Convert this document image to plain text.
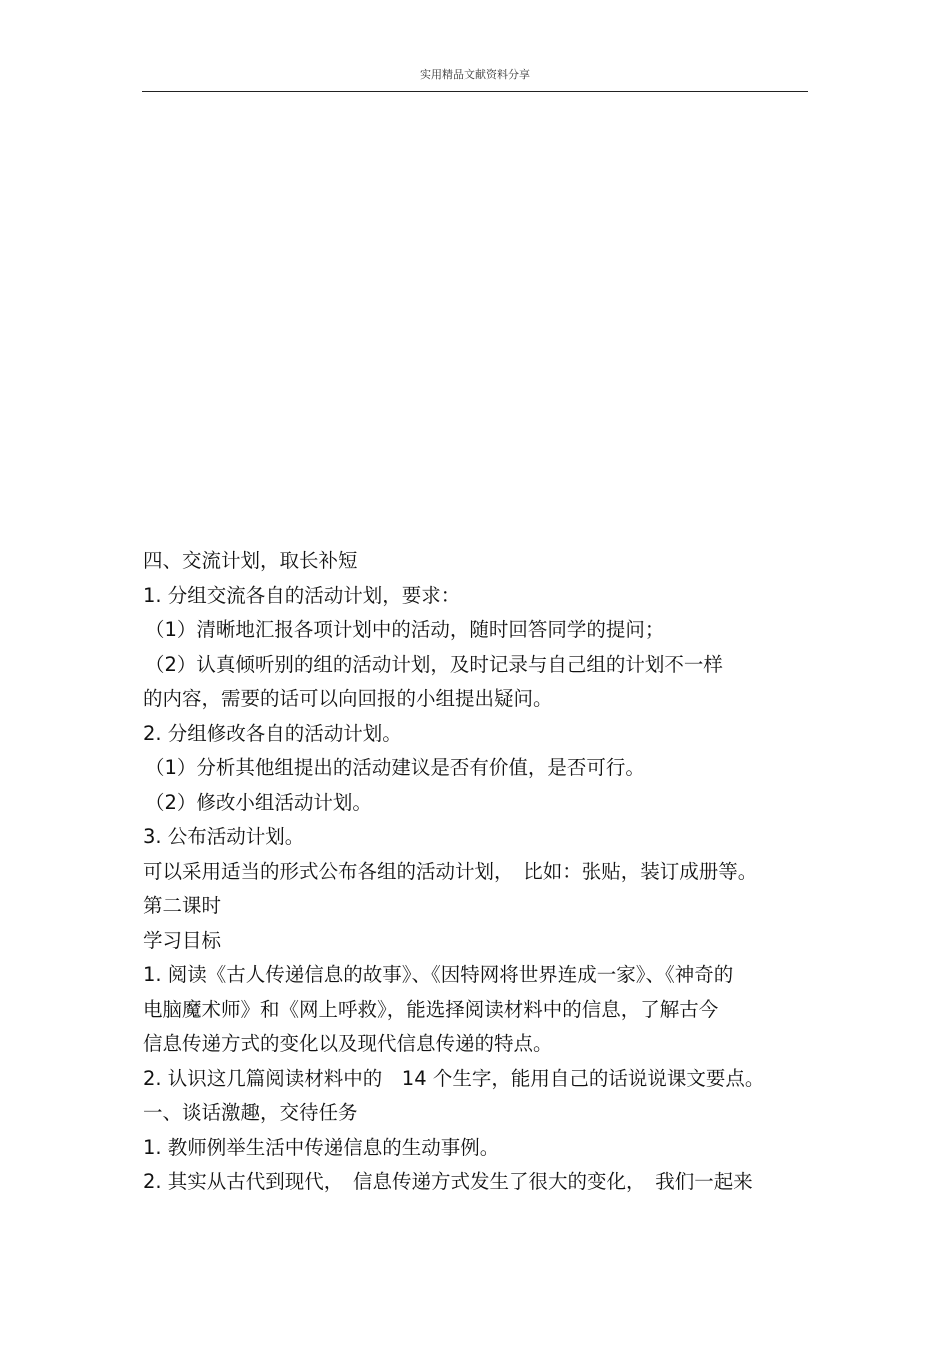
实用精品文献资料分享
四、交流计划，取长补短
1. 分组交流各自的活动计划，要求：
（1）清晰地汇报各项计划中的活动，随时回答同学的提问；
（2）认真倾听别的组的活动计划，及时记录与自己组的计划不一样
的内容，需要的话可以向回报的小组提出疑问。
2. 分组修改各自的活动计划。
（1）分析其他组提出的活动建议是否有价值，是否可行。
（2）修改小组活动计划。
3. 公布活动计划。
可以采用适当的形式公布各组的活动计划，　比如：张贴，装订成册等。
第二课时
学习目标
1. 阅读《古人传递信息的故事》、《因特网将世界连成一家》、《神奇的
电脑魔术师》和《网上呼救》，能选择阅读材料中的信息，了解古今
信息传递方式的变化以及现代信息传递的特点。
2. 认识这几篇阅读材料中的　14 个生字，能用自己的话说说课文要点。
一、谈话激趣，交待任务
1. 教师例举生活中传递信息的生动事例。
2. 其实从古代到现代，　信息传递方式发生了很大的变化，　我们一起来
